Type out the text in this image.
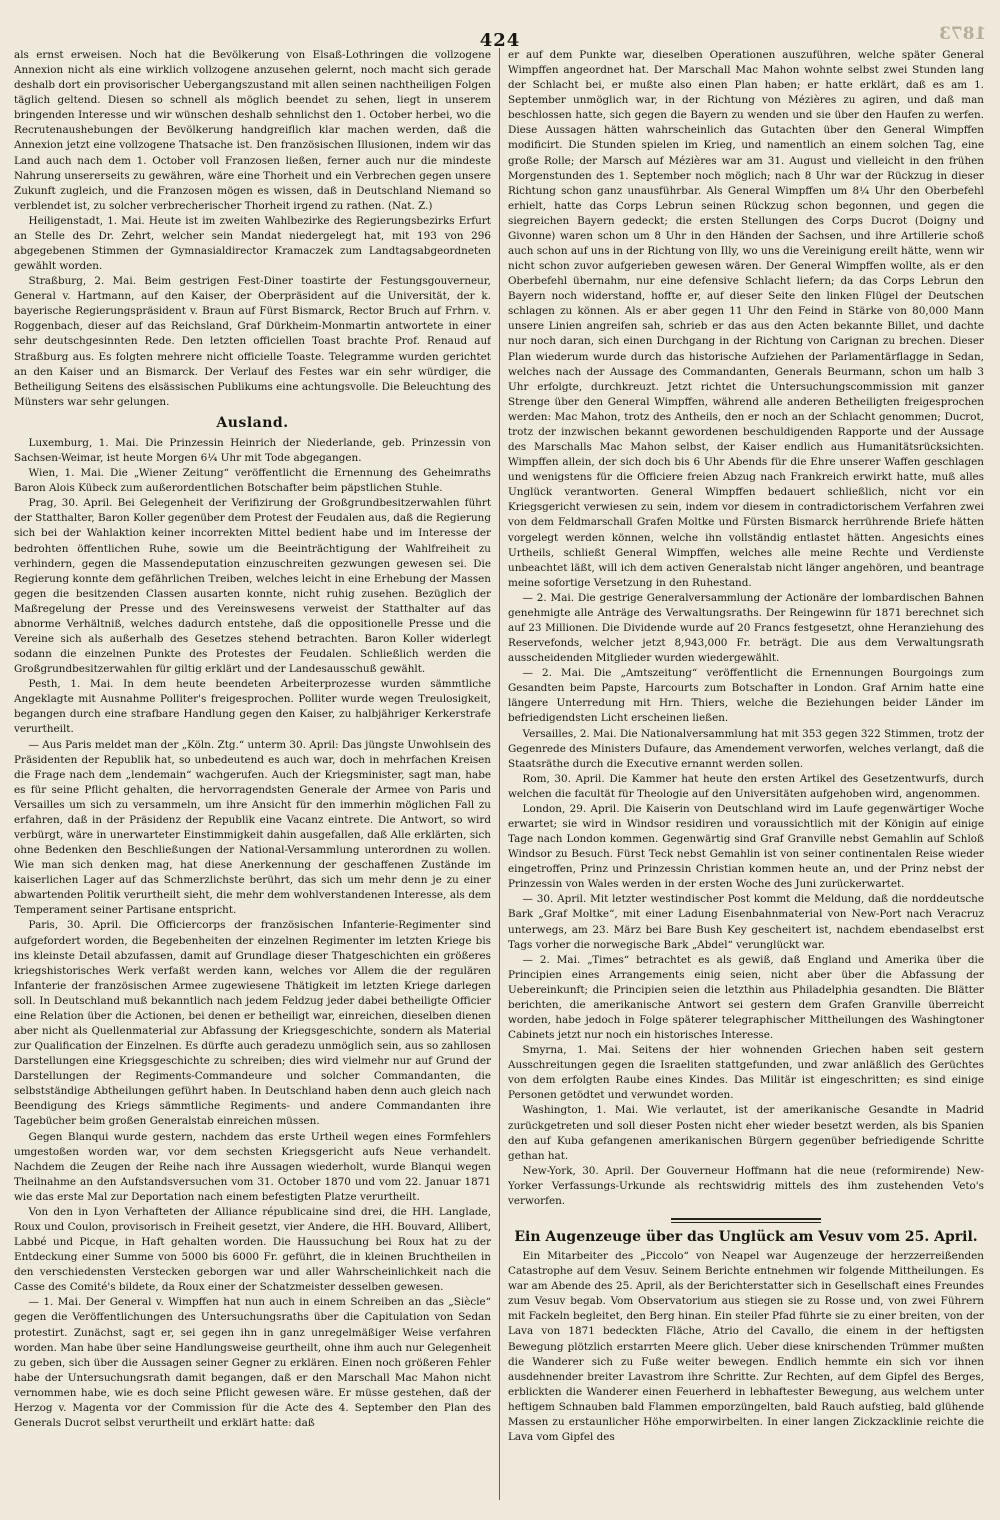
1873
424

als ernst erweisen. Noch hat die Bevölkerung von Elsaß-Lothringen die vollzogene Annexion nicht als eine wirklich vollzogene anzusehen gelernt, noch macht sich gerade deshalb dort ein provisorischer Uebergangszustand mit allen seinen nachtheiligen Folgen täglich geltend. Diesen so schnell als möglich beendet zu sehen, liegt in unserem bringenden Interesse und wir wünschen deshalb sehnlichst den 1. October herbei, wo die Recrutenaushebungen der Bevölkerung handgreiflich klar machen werden, daß die Annexion jetzt eine vollzogene Thatsache ist. Den französischen Illusionen, indem wir das Land auch nach dem 1. October voll Franzosen ließen, ferner auch nur die mindeste Nahrung unsererseits zu gewähren, wäre eine Thorheit und ein Verbrechen gegen unsere Zukunft zugleich, und die Franzosen mögen es wissen, daß in Deutschland Niemand so verblendet ist, zu solcher verbrecherischer Thorheit irgend zu rathen. (Nat. Z.)

Heiligenstadt, 1. Mai. Heute ist im zweiten Wahlbezirke des Regierungsbezirks Erfurt an Stelle des Dr. Zehrt, welcher sein Mandat niedergelegt hat, mit 193 von 296 abgegebenen Stimmen der Gymnasialdirector Kramaczek zum Landtagsabgeordneten gewählt worden.

Straßburg, 2. Mai. Beim gestrigen Fest-Diner toastirte der Festungsgouverneur, General v. Hartmann, auf den Kaiser, der Oberpräsident auf die Universität, der k. bayerische Regierungspräsident v. Braun auf Fürst Bismarck, Rector Bruch auf Frhrn. v. Roggenbach, dieser auf das Reichsland, Graf Dürkheim-Monmartin antwortete in einer sehr deutschgesinnten Rede. Den letzten officiellen Toast brachte Prof. Renaud auf Straßburg aus. Es folgten mehrere nicht officielle Toaste. Telegramme wurden gerichtet an den Kaiser und an Bismarck. Der Verlauf des Festes war ein sehr würdiger, die Betheiligung Seitens des elsässischen Publikums eine achtungsvolle. Die Beleuchtung des Münsters war sehr gelungen.

Ausland.

Luxemburg, 1. Mai. Die Prinzessin Heinrich der Niederlande, geb. Prinzessin von Sachsen-Weimar, ist heute Morgen 6¼ Uhr mit Tode abgegangen.

Wien, 1. Mai. Die „Wiener Zeitung“ veröffentlicht die Ernennung des Geheimraths Baron Alois Kübeck zum außerordentlichen Botschafter beim päpstlichen Stuhle.

Prag, 30. April. Bei Gelegenheit der Verifizirung der Großgrundbesitzerwahlen führt der Statthalter, Baron Koller gegenüber dem Protest der Feudalen aus, daß die Regierung sich bei der Wahlaktion keiner incorrekten Mittel bedient habe und im Interesse der bedrohten öffentlichen Ruhe, sowie um die Beeinträchtigung der Wahlfreiheit zu verhindern, gegen die Massendeputation einzuschreiten gezwungen gewesen sei. Die Regierung konnte dem gefährlichen Treiben, welches leicht in eine Erhebung der Massen gegen die besitzenden Classen ausarten konnte, nicht ruhig zusehen. Bezüglich der Maßregelung der Presse und des Vereinswesens verweist der Statthalter auf das abnorme Verhältniß, welches dadurch entstehe, daß die oppositionelle Presse und die Vereine sich als außerhalb des Gesetzes stehend betrachten. Baron Koller widerlegt sodann die einzelnen Punkte des Protestes der Feudalen. Schließlich werden die Großgrundbesitzerwahlen für giltig erklärt und der Landesausschuß gewählt.

Pesth, 1. Mai. In dem heute beendeten Arbeiterprozesse wurden sämmtliche Angeklagte mit Ausnahme Polliter's freigesprochen. Polliter wurde wegen Treulosigkeit, begangen durch eine strafbare Handlung gegen den Kaiser, zu halbjähriger Kerkerstrafe verurtheilt.

— Aus Paris meldet man der „Köln. Ztg.“ unterm 30. April: Das jüngste Unwohlsein des Präsidenten der Republik hat, so unbedeutend es auch war, doch in mehrfachen Kreisen die Frage nach dem „lendemain“ wachgerufen. Auch der Kriegsminister, sagt man, habe es für seine Pflicht gehalten, die hervorragendsten Generale der Armee von Paris und Versailles um sich zu versammeln, um ihre Ansicht für den immerhin möglichen Fall zu erfahren, daß in der Präsidenz der Republik eine Vacanz eintrete. Die Antwort, so wird verbürgt, wäre in unerwarteter Einstimmigkeit dahin ausgefallen, daß Alle erklärten, sich ohne Bedenken den Beschließungen der National-Versammlung unterordnen zu wollen. Wie man sich denken mag, hat diese Anerkennung der geschaffenen Zustände im kaiserlichen Lager auf das Schmerzlichste berührt, das sich um mehr denn je zu einer abwartenden Politik verurtheilt sieht, die mehr dem wohlverstandenen Interesse, als dem Temperament seiner Partisane entspricht.

Paris, 30. April. Die Officiercorps der französischen Infanterie-Regimenter sind aufgefordert worden, die Begebenheiten der einzelnen Regimenter im letzten Kriege bis ins kleinste Detail abzufassen, damit auf Grundlage dieser Thatgeschichten ein größeres kriegshistorisches Werk verfaßt werden kann, welches vor Allem die der regulären Infanterie der französischen Armee zugewiesene Thätigkeit im letzten Kriege darlegen soll. In Deutschland muß bekanntlich nach jedem Feldzug jeder dabei betheiligte Officier eine Relation über die Actionen, bei denen er betheiligt war, einreichen, dieselben dienen aber nicht als Quellenmaterial zur Abfassung der Kriegsgeschichte, sondern als Material zur Qualification der Einzelnen. Es dürfte auch geradezu unmöglich sein, aus so zahllosen Darstellungen eine Kriegsgeschichte zu schreiben; dies wird vielmehr nur auf Grund der Darstellungen der Regiments-Commandeure und solcher Commandanten, die selbstständige Abtheilungen geführt haben. In Deutschland haben denn auch gleich nach Beendigung des Kriegs sämmtliche Regiments- und andere Commandanten ihre Tagebücher beim großen Generalstab einreichen müssen.

Gegen Blanqui wurde gestern, nachdem das erste Urtheil wegen eines Formfehlers umgestoßen worden war, vor dem sechsten Kriegsgericht aufs Neue verhandelt. Nachdem die Zeugen der Reihe nach ihre Aussagen wiederholt, wurde Blanqui wegen Theilnahme an den Aufstandsversuchen vom 31. October 1870 und vom 22. Januar 1871 wie das erste Mal zur Deportation nach einem befestigten Platze verurtheilt.

Von den in Lyon Verhafteten der Alliance républicaine sind drei, die HH. Langlade, Roux und Coulon, provisorisch in Freiheit gesetzt, vier Andere, die HH. Bouvard, Allibert, Labbé und Picque, in Haft gehalten worden. Die Haussuchung bei Roux hat zu der Entdeckung einer Summe von 5000 bis 6000 Fr. geführt, die in kleinen Bruchtheilen in den verschiedensten Verstecken geborgen war und aller Wahrscheinlichkeit nach die Casse des Comité's bildete, da Roux einer der Schatzmeister desselben gewesen.

— 1. Mai. Der General v. Wimpffen hat nun auch in einem Schreiben an das „Siècle“ gegen die Veröffentlichungen des Untersuchungsraths über die Capitulation von Sedan protestirt. Zunächst, sagt er, sei gegen ihn in ganz unregelmäßiger Weise verfahren worden. Man habe über seine Handlungsweise geurtheilt, ohne ihm auch nur Gelegenheit zu geben, sich über die Aussagen seiner Gegner zu erklären. Einen noch größeren Fehler habe der Untersuchungsrath damit begangen, daß er den Marschall Mac Mahon nicht vernommen habe, wie es doch seine Pflicht gewesen wäre. Er müsse gestehen, daß der Herzog v. Magenta vor der Commission für die Acte des 4. September den Plan des Generals Ducrot selbst verurtheilt und erklärt hatte: daß

er auf dem Punkte war, dieselben Operationen auszuführen, welche später General Wimpffen angeordnet hat. Der Marschall Mac Mahon wohnte selbst zwei Stunden lang der Schlacht bei, er mußte also einen Plan haben; er hatte erklärt, daß es am 1. September unmöglich war, in der Richtung von Mézières zu agiren, und daß man beschlossen hatte, sich gegen die Bayern zu wenden und sie über den Haufen zu werfen. Diese Aussagen hätten wahrscheinlich das Gutachten über den General Wimpffen modificirt. Die Stunden spielen im Krieg, und namentlich an einem solchen Tag, eine große Rolle; der Marsch auf Mézières war am 31. August und vielleicht in den frühen Morgenstunden des 1. September noch möglich; nach 8 Uhr war der Rückzug in dieser Richtung schon ganz unausführbar. Als General Wimpffen um 8¼ Uhr den Oberbefehl erhielt, hatte das Corps Lebrun seinen Rückzug schon begonnen, und gegen die siegreichen Bayern gedeckt; die ersten Stellungen des Corps Ducrot (Doigny und Givonne) waren schon um 8 Uhr in den Händen der Sachsen, und ihre Artillerie schoß auch schon auf uns in der Richtung von Illy, wo uns die Vereinigung ereilt hätte, wenn wir nicht schon zuvor aufgerieben gewesen wären. Der General Wimpffen wollte, als er den Oberbefehl übernahm, nur eine defensive Schlacht liefern; da das Corps Lebrun den Bayern noch widerstand, hoffte er, auf dieser Seite den linken Flügel der Deutschen schlagen zu können. Als er aber gegen 11 Uhr den Feind in Stärke von 80,000 Mann unsere Linien angreifen sah, schrieb er das aus den Acten bekannte Billet, und dachte nur noch daran, sich einen Durchgang in der Richtung von Carignan zu brechen. Dieser Plan wiederum wurde durch das historische Aufziehen der Parlamentärflagge in Sedan, welches nach der Aussage des Commandanten, Generals Beurmann, schon um halb 3 Uhr erfolgte, durchkreuzt. Jetzt richtet die Untersuchungscommission mit ganzer Strenge über den General Wimpffen, während alle anderen Betheiligten freigesprochen werden: Mac Mahon, trotz des Antheils, den er noch an der Schlacht genommen; Ducrot, trotz der inzwischen bekannt gewordenen beschuldigenden Rapporte und der Aussage des Marschalls Mac Mahon selbst, der Kaiser endlich aus Humanitätsrücksichten. Wimpffen allein, der sich doch bis 6 Uhr Abends für die Ehre unserer Waffen geschlagen und wenigstens für die Officiere freien Abzug nach Frankreich erwirkt hatte, muß alles Unglück verantworten. General Wimpffen bedauert schließlich, nicht vor ein Kriegsgericht verwiesen zu sein, indem vor diesem in contradictorischem Verfahren zwei von dem Feldmarschall Grafen Moltke und Fürsten Bismarck herrührende Briefe hätten vorgelegt werden können, welche ihn vollständig entlastet hätten. Angesichts eines Urtheils, schließt General Wimpffen, welches alle meine Rechte und Verdienste unbeachtet läßt, will ich dem activen Generalstab nicht länger angehören, und beantrage meine sofortige Versetzung in den Ruhestand.

— 2. Mai. Die gestrige Generalversammlung der Actionäre der lombardischen Bahnen genehmigte alle Anträge des Verwaltungsraths. Der Reingewinn für 1871 berechnet sich auf 23 Millionen. Die Dividende wurde auf 20 Francs festgesetzt, ohne Heranziehung des Reservefonds, welcher jetzt 8,943,000 Fr. beträgt. Die aus dem Verwaltungsrath ausscheidenden Mitglieder wurden wiedergewählt.

— 2. Mai. Die „Amtszeitung“ veröffentlicht die Ernennungen Bourgoings zum Gesandten beim Papste, Harcourts zum Botschafter in London. Graf Arnim hatte eine längere Unterredung mit Hrn. Thiers, welche die Beziehungen beider Länder im befriedigendsten Licht erscheinen ließen.

Versailles, 2. Mai. Die Nationalversammlung hat mit 353 gegen 322 Stimmen, trotz der Gegenrede des Ministers Dufaure, das Amendement verworfen, welches verlangt, daß die Staatsräthe durch die Executive ernannt werden sollen.

Rom, 30. April. Die Kammer hat heute den ersten Artikel des Gesetzentwurfs, durch welchen die facultät für Theologie auf den Universitäten aufgehoben wird, angenommen.

London, 29. April. Die Kaiserin von Deutschland wird im Laufe gegenwärtiger Woche erwartet; sie wird in Windsor residiren und voraussichtlich mit der Königin auf einige Tage nach London kommen. Gegenwärtig sind Graf Granville nebst Gemahlin auf Schloß Windsor zu Besuch. Fürst Teck nebst Gemahlin ist von seiner continentalen Reise wieder eingetroffen, Prinz und Prinzessin Christian kommen heute an, und der Prinz nebst der Prinzessin von Wales werden in der ersten Woche des Juni zurückerwartet.

— 30. April. Mit letzter westindischer Post kommt die Meldung, daß die norddeutsche Bark „Graf Moltke“, mit einer Ladung Eisenbahnmaterial von New-Port nach Veracruz unterwegs, am 23. März bei Bare Bush Key gescheitert ist, nachdem ebendaselbst erst Tags vorher die norwegische Bark „Abdel“ verunglückt war.

— 2. Mai. „Times“ betrachtet es als gewiß, daß England und Amerika über die Principien eines Arrangements einig seien, nicht aber über die Abfassung der Uebereinkunft; die Principien seien die letzthin aus Philadelphia gesandten. Die Blätter berichten, die amerikanische Antwort sei gestern dem Grafen Granville überreicht worden, habe jedoch in Folge späterer telegraphischer Mittheilungen des Washingtoner Cabinets jetzt nur noch ein historisches Interesse.

Smyrna, 1. Mai. Seitens der hier wohnenden Griechen haben seit gestern Ausschreitungen gegen die Israeliten stattgefunden, und zwar anläßlich des Gerüchtes von dem erfolgten Raube eines Kindes. Das Militär ist eingeschritten; es sind einige Personen getödtet und verwundet worden.

Washington, 1. Mai. Wie verlautet, ist der amerikanische Gesandte in Madrid zurückgetreten und soll dieser Posten nicht eher wieder besetzt werden, als bis Spanien den auf Kuba gefangenen amerikanischen Bürgern gegenüber befriedigende Schritte gethan hat.

New-York, 30. April. Der Gouverneur Hoffmann hat die neue (reformirende) New-Yorker Verfassungs-Urkunde als rechtswidrig mittels des ihm zustehenden Veto's verworfen.

Ein Augenzeuge über das Unglück am Vesuv vom 25. April.

Ein Mitarbeiter des „Piccolo“ von Neapel war Augenzeuge der herzzerreißenden Catastrophe auf dem Vesuv. Seinem Berichte entnehmen wir folgende Mittheilungen. Es war am Abende des 25. April, als der Berichterstatter sich in Gesellschaft eines Freundes zum Vesuv begab. Vom Observatorium aus stiegen sie zu Rosse und, von zwei Führern mit Fackeln begleitet, den Berg hinan. Ein steiler Pfad führte sie zu einer breiten, von der Lava von 1871 bedeckten Fläche, Atrio del Cavallo, die einem in der heftigsten Bewegung plötzlich erstarrten Meere glich. Ueber diese knirschenden Trümmer mußten die Wanderer sich zu Fuße weiter bewegen. Endlich hemmte ein sich vor ihnen ausdehnender breiter Lavastrom ihre Schritte. Zur Rechten, auf dem Gipfel des Berges, erblickten die Wanderer einen Feuerherd in lebhaftester Bewegung, aus welchem unter heftigem Schnauben bald Flammen emporzüngelten, bald Rauch aufstieg, bald glühende Massen zu erstaunlicher Höhe emporwirbelten. In einer langen Zickzacklinie reichte die Lava vom Gipfel des
